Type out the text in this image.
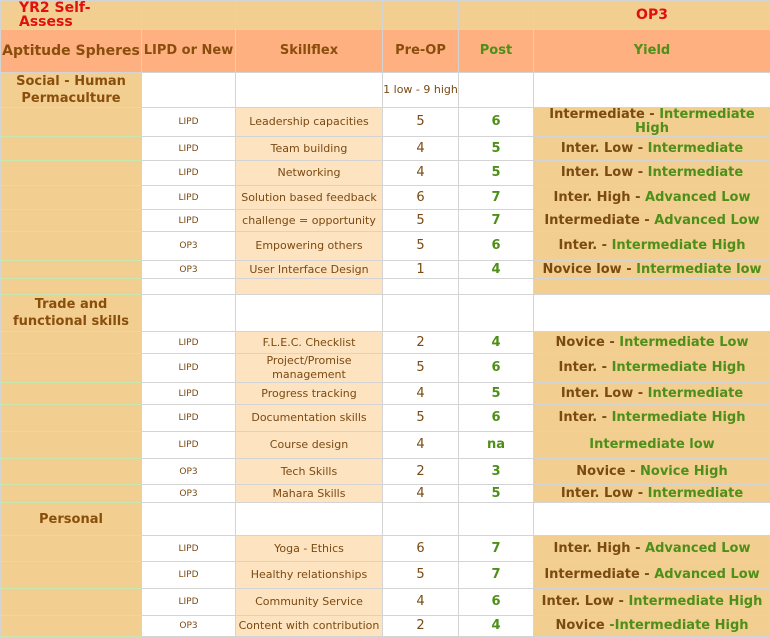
YR2 Self-Assess					OP3
Aptitude Spheres	LIPD or New	Skillflex	Pre-OP	Post	Yield
Social - Human Permaculture			1 low - 9 high		
	LIPD	Leadership capacities	5	6	Intermediate - Intermediate High
	LIPD	Team building	4	5	Inter. Low - Intermediate
	LIPD	Networking	4	5	Inter. Low - Intermediate
	LIPD	Solution based feedback	6	7	Inter. High - Advanced Low
	LIPD	challenge = opportunity	5	7	Intermediate - Advanced Low
	OP3	Empowering others	5	6	Inter. - Intermediate High
	OP3	User Interface Design	1	4	Novice low - Intermediate low

Trade and functional skills					
	LIPD	F.L.E.C. Checklist	2	4	Novice - Intermediate Low
	LIPD	Project/Promise management	5	6	Inter. - Intermediate High
	LIPD	Progress tracking	4	5	Inter. Low - Intermediate
	LIPD	Documentation skills	5	6	Inter. - Intermediate High
	LIPD	Course design	4	na	Intermediate low
	OP3	Tech Skills	2	3	Novice - Novice High
	OP3	Mahara Skills	4	5	Inter. Low - Intermediate
Personal					
	LIPD	Yoga - Ethics	6	7	Inter. High - Advanced Low
	LIPD	Healthy relationships	5	7	Intermediate - Advanced Low
	LIPD	Community Service	4	6	Inter. Low - Intermediate High
	OP3	Content with contribution	2	4	Novice -Intermediate High
